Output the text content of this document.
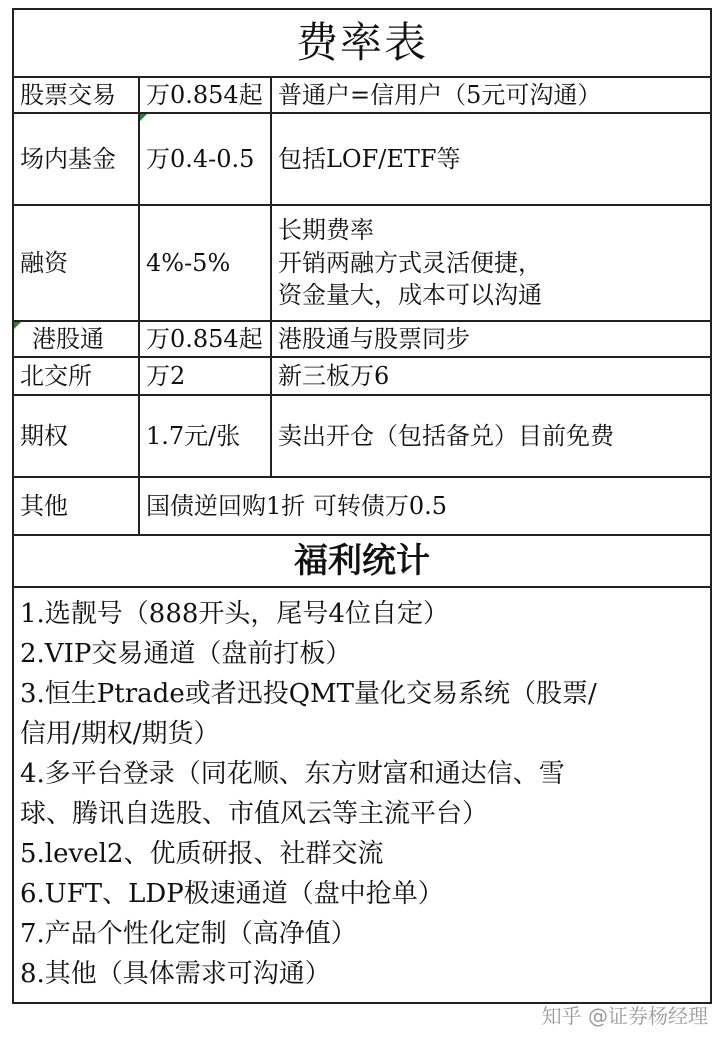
费率表		
股票交易	万0.854起	普通户=信用户（5元可沟通）
场内基金	万0.4-0.5	包括LOF/ETF等
融资	4%-5%	长期费率
开销两融方式灵活便捷，
资金量大，成本可以沟通

港股通	万0.854起	港股通与股票同步
北交所	万2	新三板万6
期权	1.7元/张	卖出开仓（包括备兑）目前免费
其他	国债逆回购1折 可转债万0.5	
福利统计
1.选靓号（888开头，尾号4位自定）
2.VIP交易通道（盘前打板）
3.恒生Ptrade或者迅投QMT量化交易系统（股票/
信用/期权/期货）
4.多平台登录（同花顺、东方财富和通达信、雪
球、腾讯自选股、市值风云等主流平台）
5.level2、优质研报、社群交流
6.UFT、LDP极速通道（盘中抢单）
7.产品个性化定制（高净值）
8.其他（具体需求可沟通）
知乎 @证券杨经理
